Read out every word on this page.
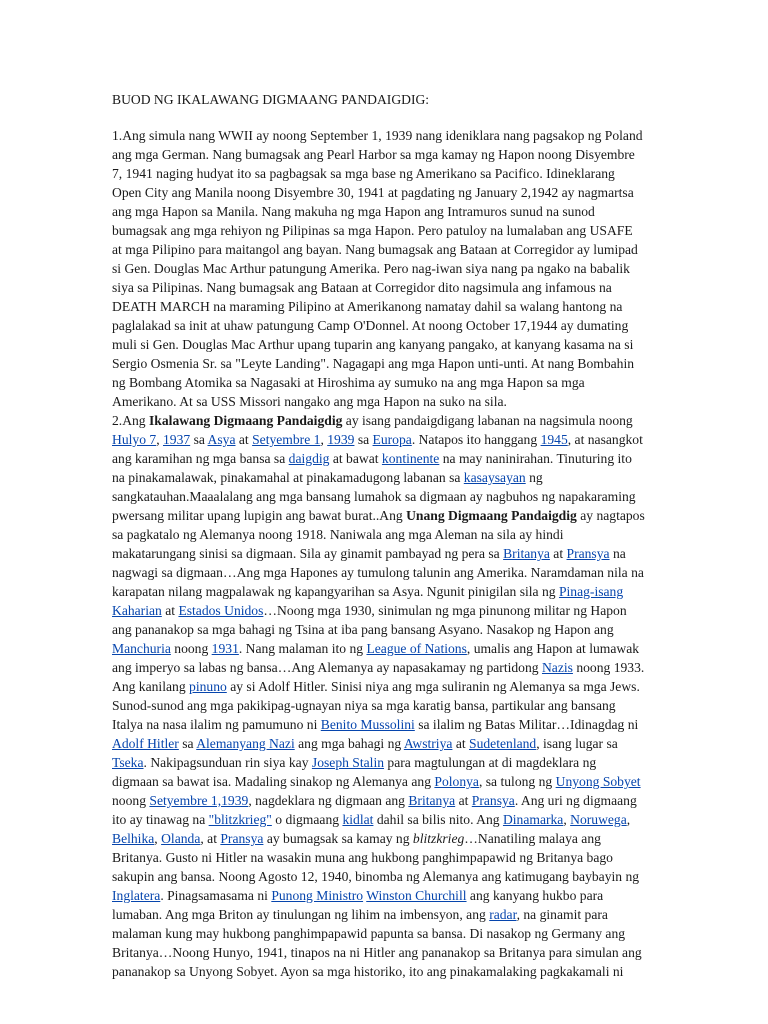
BUOD NG IKALAWANG DIGMAANG PANDAIGDIG:
1.Ang simula nang WWII ay noong September 1, 1939 nang ideniklara nang pagsakop ng Poland
ang mga German. Nang bumagsak ang Pearl Harbor sa mga kamay ng Hapon noong Disyembre
7, 1941 naging hudyat ito sa pagbagsak sa mga base ng Amerikano sa Pacifico. Idineklarang
Open City ang Manila noong Disyembre 30, 1941 at pagdating ng January 2,1942 ay nagmartsa
ang mga Hapon sa Manila. Nang makuha ng mga Hapon ang Intramuros sunud na sunod
bumagsak ang mga rehiyon ng Pilipinas sa mga Hapon. Pero patuloy na lumalaban ang USAFE
at mga Pilipino para maitangol ang bayan. Nang bumagsak ang Bataan at Corregidor ay lumipad
si Gen. Douglas Mac Arthur patungung Amerika. Pero nag-iwan siya nang pa ngako na babalik
siya sa Pilipinas. Nang bumagsak ang Bataan at Corregidor dito nagsimula ang infamous na
DEATH MARCH na maraming Pilipino at Amerikanong namatay dahil sa walang hantong na
paglalakad sa init at uhaw patungung Camp O'Donnel. At noong October 17,1944 ay dumating
muli si Gen. Douglas Mac Arthur upang tuparin ang kanyang pangako, at kanyang kasama na si
Sergio Osmenia Sr. sa "Leyte Landing". Nagagapi ang mga Hapon unti-unti. At nang Bombahin
ng Bombang Atomika sa Nagasaki at Hiroshima ay sumuko na ang mga Hapon sa mga
Amerikano. At sa USS Missori nangako ang mga Hapon na suko na sila.
2.Ang Ikalawang Digmaang Pandaigdig ay isang pandaigdigang labanan na nagsimula noong
Hulyo 7, 1937 sa Asya at Setyembre 1, 1939 sa Europa. Natapos ito hanggang 1945, at nasangkot
ang karamihan ng mga bansa sa daigdig at bawat kontinente na may naninirahan. Tinuturing ito
na pinakamalawak, pinakamahal at pinakamadugong labanan sa kasaysayan ng
sangkatauhan.Maaalalang ang mga bansang lumahok sa digmaan ay nagbuhos ng napakaraming
pwersang militar upang lupigin ang bawat burat..Ang Unang Digmaang Pandaigdig ay nagtapos
sa pagkatalo ng Alemanya noong 1918. Naniwala ang mga Aleman na sila ay hindi
makatarungang sinisi sa digmaan. Sila ay ginamit pambayad ng pera sa Britanya at Pransya na
nagwagi sa digmaan…Ang mga Hapones ay tumulong talunin ang Amerika. Naramdaman nila na
karapatan nilang magpalawak ng kapangyarihan sa Asya. Ngunit pinigilan sila ng Pinag-isang
Kaharian at Estados Unidos…Noong mga 1930, sinimulan ng mga pinunong militar ng Hapon
ang pananakop sa mga bahagi ng Tsina at iba pang bansang Asyano. Nasakop ng Hapon ang
Manchuria noong 1931. Nang malaman ito ng League of Nations, umalis ang Hapon at lumawak
ang imperyo sa labas ng bansa…Ang Alemanya ay napasakamay ng partidong Nazis noong 1933.
Ang kanilang pinuno ay si Adolf Hitler. Sinisi niya ang mga suliranin ng Alemanya sa mga Jews.
Sunod-sunod ang mga pakikipag-ugnayan niya sa mga karatig bansa, partikular ang bansang
Italya na nasa ilalim ng pamumuno ni Benito Mussolini sa ilalim ng Batas Militar…Idinagdag ni
Adolf Hitler sa Alemanyang Nazi ang mga bahagi ng Awstriya at Sudetenland, isang lugar sa
Tseka. Nakipagsunduan rin siya kay Joseph Stalin para magtulungan at di magdeklara ng
digmaan sa bawat isa. Madaling sinakop ng Alemanya ang Polonya, sa tulong ng Unyong Sobyet
noong Setyembre 1,1939, nagdeklara ng digmaan ang Britanya at Pransya. Ang uri ng digmaang
ito ay tinawag na "blitzkrieg" o digmaang kidlat dahil sa bilis nito. Ang Dinamarka, Noruwega,
Belhika, Olanda, at Pransya ay bumagsak sa kamay ng blitzkrieg…Nanatiling malaya ang
Britanya. Gusto ni Hitler na wasakin muna ang hukbong panghimpapawid ng Britanya bago
sakupin ang bansa. Noong Agosto 12, 1940, binomba ng Alemanya ang katimugang baybayin ng
Inglatera. Pinagsamasama ni Punong Ministro Winston Churchill ang kanyang hukbo para
lumaban. Ang mga Briton ay tinulungan ng lihim na imbensyon, ang radar, na ginamit para
malaman kung may hukbong panghimpapawid papunta sa bansa. Di nasakop ng Germany ang
Britanya…Noong Hunyo, 1941, tinapos na ni Hitler ang pananakop sa Britanya para simulan ang
pananakop sa Unyong Sobyet. Ayon sa mga historiko, ito ang pinakamalaking pagkakamali ni
